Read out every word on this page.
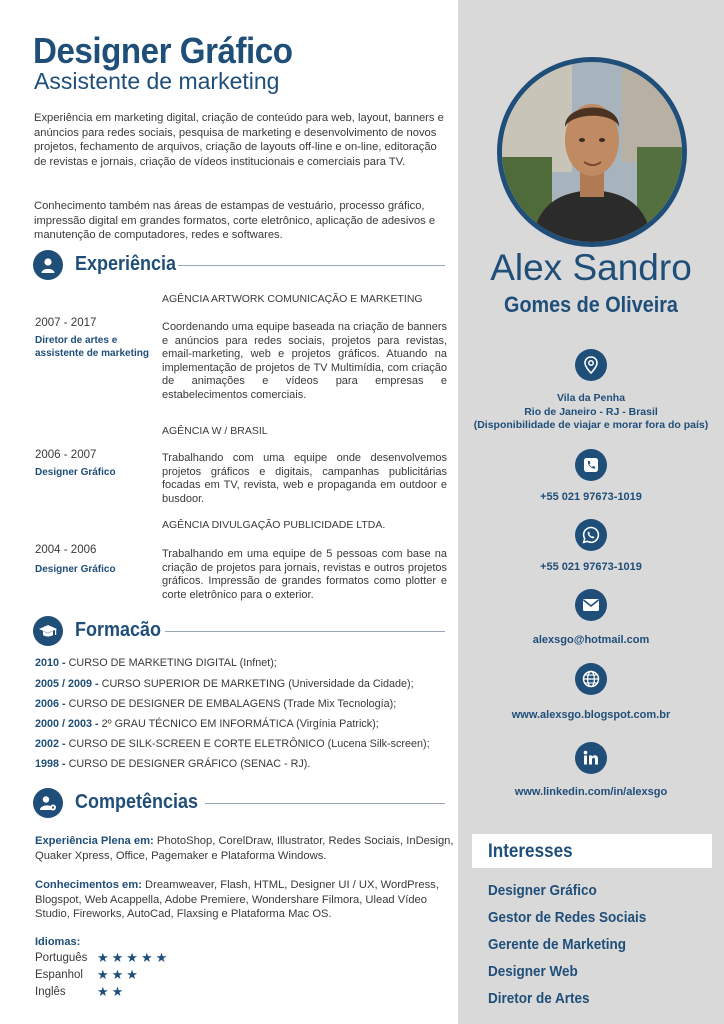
Designer Gráfico
Assistente de marketing

Experiência em marketing digital, criação de conteúdo para web, layout, banners e anúncios para redes sociais, pesquisa de marketing e desenvolvimento de novos projetos, fechamento de arquivos, criação de layouts off-line e on-line, editoração de revistas e jornais, criação de vídeos institucionais e comerciais para TV.

Conhecimento também nas áreas de estampas de vestuário, processo gráfico, impressão digital em grandes formatos, corte eletrônico, aplicação de adesivos e manutenção de computadores, redes e softwares.

Experiência
AGÊNCIA ARTWORK COMUNICAÇÃO E MARKETING
2007 - 2017
Diretor de artes e assistente de marketing
Coordenando uma equipe baseada na criação de banners e anúncios para redes sociais, projetos para revistas, email-marketing, web e projetos gráficos. Atuando na implementação de projetos de TV Multimídia, com criação de animações e vídeos para empresas e estabelecimentos comerciais.
AGÊNCIA W / BRASIL
2006 - 2007
Designer Gráfico
Trabalhando com uma equipe onde desenvolvemos projetos gráficos e digitais, campanhas publicitárias focadas em TV, revista, web e propaganda em outdoor e busdoor.
AGÊNCIA DIVULGAÇÃO PUBLICIDADE LTDA.
2004 - 2006
Designer Gráfico
Trabalhando em uma equipe de 5 pessoas com base na criação de projetos para jornais, revistas e outros projetos gráficos. Impressão de grandes formatos como plotter e corte eletrônico para o exterior.
Formacão
2010 - CURSO DE MARKETING DIGITAL (Infnet);
2005 / 2009 - CURSO SUPERIOR DE MARKETING (Universidade da Cidade);
2006 - CURSO DE DESIGNER DE EMBALAGENS (Trade Mix Tecnología);
2000 / 2003 - 2º GRAU TÉCNICO EM INFORMÁTICA (Virgínia Patrick);
2002 - CURSO DE SILK-SCREEN E CORTE ELETRÔNICO (Lucena Silk-screen);
1998 - CURSO DE DESIGNER GRÁFICO (SENAC - RJ).
Competências
Experiência Plena em: PhotoShop, CorelDraw, Illustrator, Redes Sociais, InDesign, Quaker Xpress, Office, Pagemaker e Plataforma Windows.
Conhecimentos em: Dreamweaver, Flash, HTML, Designer UI / UX, WordPress, Blogspot, Web Acappella, Adobe Premiere, Wondershare Filmora, Ulead Vídeo Studio, Fireworks, AutoCad, Flaxsing e Plataforma Mac OS.
Idiomas:
Português ★★★★★
Espanhol ★★★
Inglês ★★
Alex Sandro
Gomes de Oliveira
Vila da Penha
Rio de Janeiro - RJ - Brasil
(Disponibilidade de viajar e morar fora do país)
+55 021 97673-1019
+55 021 97673-1019
alexsgo@hotmail.com
www.alexsgo.blogspot.com.br
www.linkedin.com/in/alexsgo
Interesses
Designer Gráfico
Gestor de Redes Sociais
Gerente de Marketing
Designer Web
Diretor de Artes
